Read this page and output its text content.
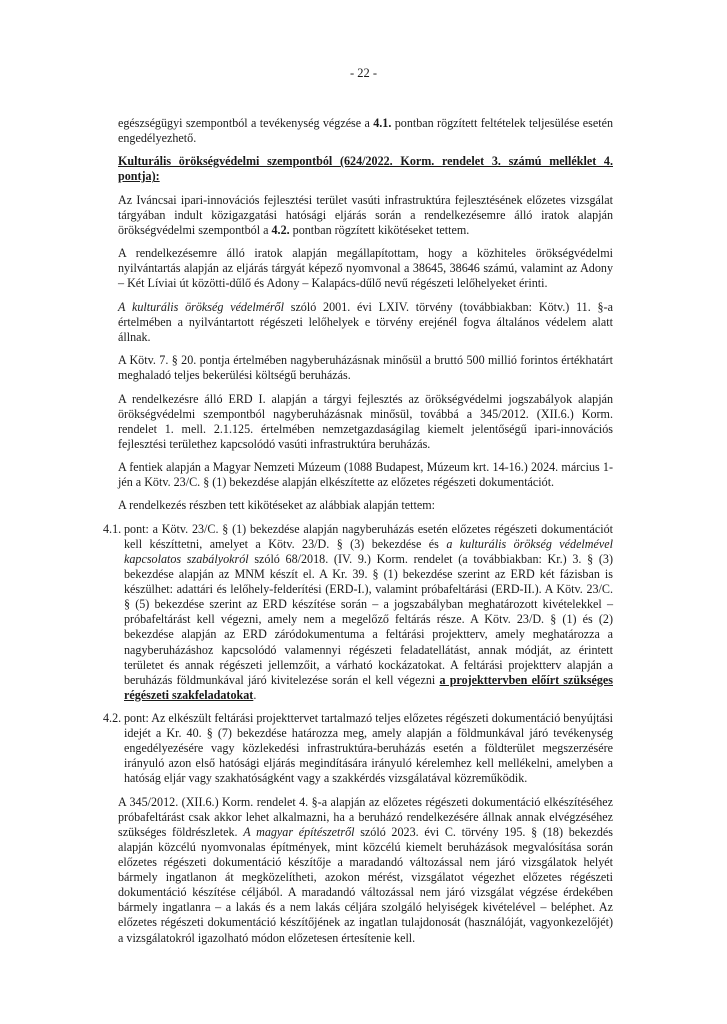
- 22 -

egészségügyi szempontból a tevékenység végzése a 4.1. pontban rögzített feltételek teljesülése esetén engedélyezhető.

Kulturális örökségvédelmi szempontból (624/2022. Korm. rendelet 3. számú melléklet 4. pontja):

Az Iváncsai ipari-innovációs fejlesztési terület vasúti infrastruktúra fejlesztésének előzetes vizsgálat tárgyában indult közigazgatási hatósági eljárás során a rendelkezésemre álló iratok alapján örökségvédelmi szempontból a 4.2. pontban rögzített kikötéseket tettem.

A rendelkezésemre álló iratok alapján megállapítottam, hogy a közhiteles örökségvédelmi nyilvántartás alapján az eljárás tárgyát képező nyomvonal a 38645, 38646 számú, valamint az Adony – Két Líviai út közötti-dűlő és Adony – Kalapács-dűlő nevű régészeti lelőhelyeket érinti.

A kulturális örökség védelméről szóló 2001. évi LXIV. törvény (továbbiakban: Kötv.) 11. §-a értelmében a nyilvántartott régészeti lelőhelyek e törvény erejénél fogva általános védelem alatt állnak.

A Kötv. 7. § 20. pontja értelmében nagyberuházásnak minősül a bruttó 500 millió forintos értékhatárt meghaladó teljes bekerülési költségű beruházás.

A rendelkezésre álló ERD I. alapján a tárgyi fejlesztés az örökségvédelmi jogszabályok alapján örökségvédelmi szempontból nagyberuházásnak minősül, továbbá a 345/2012. (XII.6.) Korm. rendelet 1. mell. 2.1.125. értelmében nemzetgazdaságilag kiemelt jelentőségű ipari-innovációs fejlesztési területhez kapcsolódó vasúti infrastruktúra beruházás.

A fentiek alapján a Magyar Nemzeti Múzeum (1088 Budapest, Múzeum krt. 14-16.) 2024. március 1-jén a Kötv. 23/C. § (1) bekezdése alapján elkészítette az előzetes régészeti dokumentációt.

A rendelkezés részben tett kikötéseket az alábbiak alapján tettem:

4.1. pont: a Kötv. 23/C. § (1) bekezdése alapján nagyberuházás esetén előzetes régészeti dokumentációt kell készíttetni, amelyet a Kötv. 23/D. § (3) bekezdése és a kulturális örökség védelmével kapcsolatos szabályokról szóló 68/2018. (IV. 9.) Korm. rendelet (a továbbiakban: Kr.) 3. § (3) bekezdése alapján az MNM készít el. A Kr. 39. § (1) bekezdése szerint az ERD két fázisban is készülhet: adattári és lelőhely-felderítési (ERD-I.), valamint próbafeltárási (ERD-II.). A Kötv. 23/C. § (5) bekezdése szerint az ERD készítése során – a jogszabályban meghatározott kivételekkel – próbafeltárást kell végezni, amely nem a megelőző feltárás része. A Kötv. 23/D. § (1) és (2) bekezdése alapján az ERD záródokumentuma a feltárási projektterv, amely meghatározza a nagyberuházáshoz kapcsolódó valamennyi régészeti feladatellátást, annak módját, az érintett területet és annak régészeti jellemzőit, a várható kockázatokat. A feltárási projektterv alapján a beruházás földmunkával járó kivitelezése során el kell végezni a projekttervben előírt szükséges régészeti szakfeladatokat.
4.2. pont: Az elkészült feltárási projekttervet tartalmazó teljes előzetes régészeti dokumentáció benyújtási idejét a Kr. 40. § (7) bekezdése határozza meg, amely alapján a földmunkával járó tevékenység engedélyezésére vagy közlekedési infrastruktúra-beruházás esetén a földterület megszerzésére irányuló azon első hatósági eljárás megindítására irányuló kérelemhez kell mellékelni, amelyben a hatóság eljár vagy szakhatóságként vagy a szakkérdés vizsgálatával közreműködik.

A 345/2012. (XII.6.) Korm. rendelet 4. §-a alapján az előzetes régészeti dokumentáció elkészítéséhez próbafeltárást csak akkor lehet alkalmazni, ha a beruházó rendelkezésére állnak annak elvégzéséhez szükséges földrészletek. A magyar építészetről szóló 2023. évi C. törvény 195. § (18) bekezdés alapján közcélú nyomvonalas építmények, mint közcélú kiemelt beruházások megvalósítása során előzetes régészeti dokumentáció készítője a maradandó változással nem járó vizsgálatok helyét bármely ingatlanon át megközelítheti, azokon mérést, vizsgálatot végezhet előzetes régészeti dokumentáció készítése céljából. A maradandó változással nem járó vizsgálat végzése érdekében bármely ingatlanra – a lakás és a nem lakás céljára szolgáló helyiségek kivételével – beléphet. Az előzetes régészeti dokumentáció készítőjének az ingatlan tulajdonosát (használóját, vagyonkezelőjét) a vizsgálatokról igazolható módon előzetesen értesítenie kell.
